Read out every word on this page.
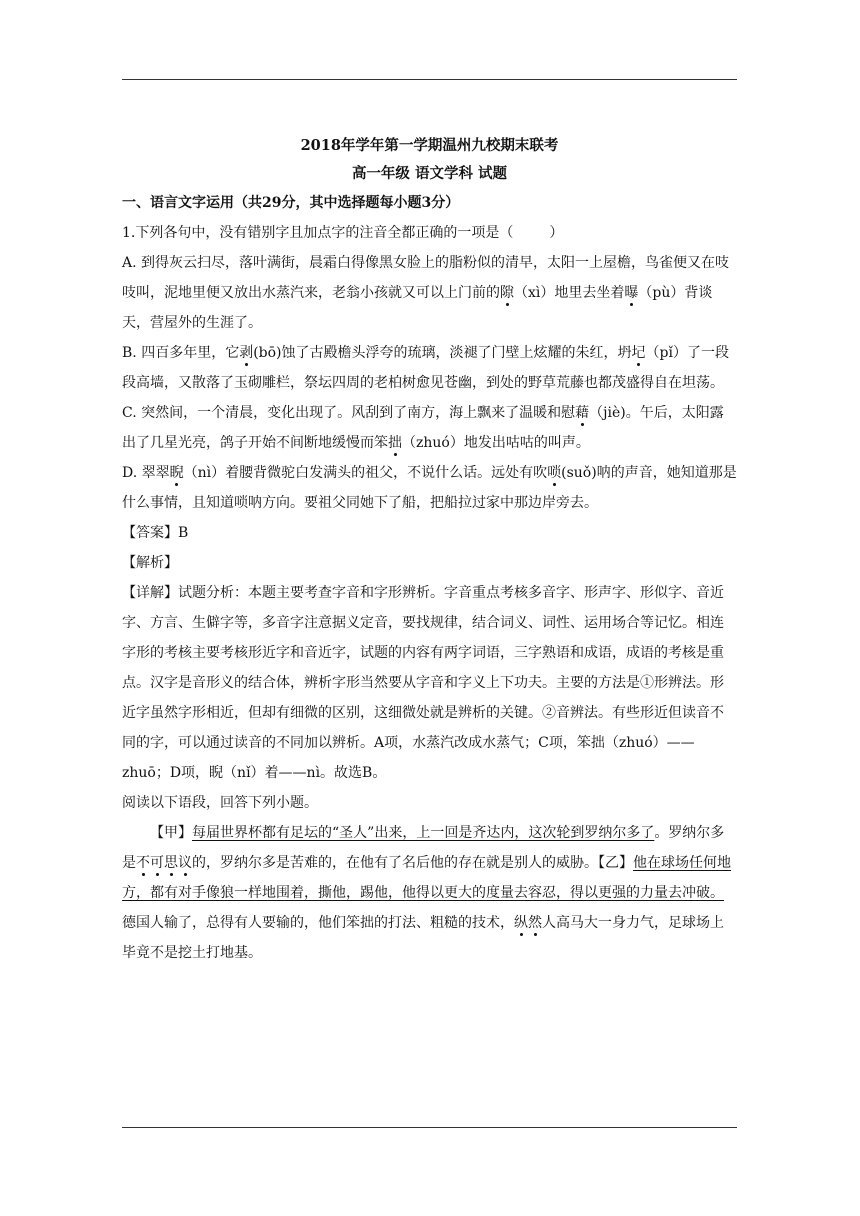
2018年学年第一学期温州九校期末联考
高一年级 语文学科 试题

一、语言文字运用（共29分，其中选择题每小题3分）

1.下列各句中，没有错别字且加点字的注音全都正确的一项是（	）

A. 到得灰云扫尽，落叶满街，晨霜白得像黑女脸上的脂粉似的清早，太阳一上屋檐，鸟雀便又在吱吱叫，泥地里便又放出水蒸汽来，老翁小孩就又可以上门前的隙（xì）地里去坐着曝（pù）背谈天，营屋外的生涯了。

B. 四百多年里，它剥(bō)蚀了古殿檐头浮夸的琉璃，淡褪了门壁上炫耀的朱红，坍圮（pǐ）了一段段高墙，又散落了玉砌雕栏，祭坛四周的老柏树愈见苍幽，到处的野草荒藤也都茂盛得自在坦荡。

C. 突然间，一个清晨，变化出现了。风刮到了南方，海上飘来了温暖和慰藉（jiè)。午后，太阳露出了几星光亮，鸽子开始不间断地缓慢而笨拙（zhuó）地发出咕咕的叫声。

D. 翠翠睨（nì）着腰背微驼白发满头的祖父，不说什么话。远处有吹唢(suǒ)呐的声音，她知道那是什么事情，且知道唢呐方向。要祖父同她下了船，把船拉过家中那边岸旁去。

【答案】B

【解析】

【详解】试题分析：本题主要考查字音和字形辨析。字音重点考核多音字、形声字、形似字、音近字、方言、生僻字等，多音字注意据义定音，要找规律，结合词义、词性、运用场合等记忆。相连字形的考核主要考核形近字和音近字，试题的内容有两字词语，三字熟语和成语，成语的考核是重点。汉字是音形义的结合体，辨析字形当然要从字音和字义上下功夫。主要的方法是①形辨法。形近字虽然字形相近，但却有细微的区别，这细微处就是辨析的关键。②音辨法。有些形近但读音不同的字，可以通过读音的不同加以辨析。A项，水蒸汽改成水蒸气；C项，笨拙（zhuó）——zhuō；D项，睨（nǐ）着——nì。故选B。

阅读以下语段，回答下列小题。

【甲】每届世界杯都有足坛的“圣人”出来，上一回是齐达内，这次轮到罗纳尔多了。罗纳尔多是不可思议的，罗纳尔多是苦难的，在他有了名后他的存在就是别人的威胁。【乙】他在球场任何地方，都有对手像狼一样地围着，撕他，踢他，他得以更大的度量去容忍，得以更强的力量去冲破。德国人输了，总得有人要输的，他们笨拙的打法、粗糙的技术，纵然人高马大一身力气，足球场上毕竟不是挖土打地基。
